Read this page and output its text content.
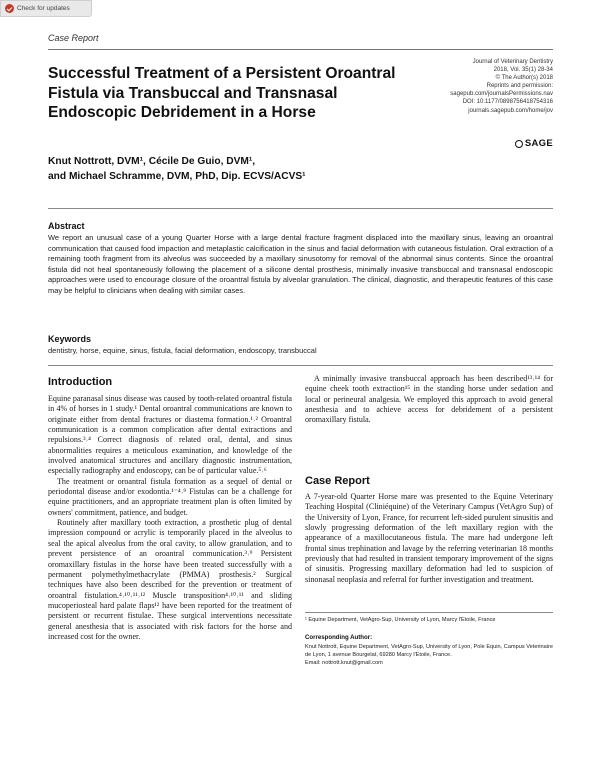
Check for updates
Case Report
Journal of Veterinary Dentistry
2018, Vol. 35(1) 28-34
© The Author(s) 2018
Reprints and permission:
sagepub.com/journalsPermissions.nav
DOI: 10.1177/0898756418754316
journals.sagepub.com/home/jov
SAGE
Successful Treatment of a Persistent Oroantral Fistula via Transbuccal and Transnasal Endoscopic Debridement in a Horse
Knut Nottrott, DVM¹, Cécile De Guio, DVM¹,
and Michael Schramme, DVM, PhD, Dip. ECVS/ACVS¹
Abstract
We report an unusual case of a young Quarter Horse with a large dental fracture fragment displaced into the maxillary sinus, leaving an oroantral communication that caused food impaction and metaplastic calcification in the sinus and facial deformation with cutaneous fistulation. Oral extraction of a remaining tooth fragment from its alveolus was succeeded by a maxillary sinusotomy for removal of the abnormal sinus contents. Since the oroantral fistula did not heal spontaneously following the placement of a silicone dental prosthesis, minimally invasive transbuccal and transnasal endoscopic approaches were used to encourage closure of the oroantral fistula by alveolar granulation. The clinical, diagnostic, and therapeutic features of this case may be helpful to clinicians when dealing with similar cases.
Keywords
dentistry, horse, equine, sinus, fistula, facial deformation, endoscopy, transbuccal
Introduction

Equine paranasal sinus disease was caused by tooth-related oroantral fistula in 4% of horses in 1 study.¹ Dental oroantral communications are known to originate either from dental fractures or diastema formation.¹˒² Oroantral communication is a common complication after dental extractions and repulsions.³˒⁴ Correct diagnosis of related oral, dental, and sinus abnormalities requires a meticulous examination, and knowledge of the involved anatomical structures and ancillary diagnostic instrumentation, especially radiography and endoscopy, can be of particular value.⁵˒⁶

The treatment or oroantral fistula formation as a sequel of dental or periodontal disease and/or exodontia.¹⁻⁴˒⁹ Fistulas can be a challenge for equine practitioners, and an appropriate treatment plan is often limited by owners' commitment, patience, and budget.

Routinely after maxillary tooth extraction, a prosthetic plug of dental impression compound or acrylic is temporarily placed in the alveolus to seal the apical alveolus from the oral cavity, to allow granulation, and to prevent persistence of an oroantral communication.³˒⁹ Persistent oromaxillary fistulas in the horse have been treated successfully with a permanent polymethylmethacrylate (PMMA) prosthesis.² Surgical techniques have also been described for the prevention or treatment of oroantral fistulation.⁴˒¹⁰˒¹¹˒¹² Muscle transposition⁴˒¹⁰˒¹¹ and sliding mucoperiosteal hard palate flaps¹² have been reported for the treatment of persistent or recurrent fistulae. These surgical interventions necessitate general anesthesia that is associated with risk factors for the horse and increased cost for the owner.

A minimally invasive transbuccal approach has been described¹³˒¹⁴ for equine cheek tooth extraction¹⁵ in the standing horse under sedation and local or perineural analgesia. We employed this approach to avoid general anesthesia and to achieve access for debridement of a persistent oromaxillary fistula.

Case Report
A 7-year-old Quarter Horse mare was presented to the Equine Veterinary Teaching Hospital (Cliniéquine) of the Veterinary Campus (VetAgro Sup) of the University of Lyon, France, for recurrent left-sided purulent sinusitis and slowly progressing deformation of the left maxillary region with the appearance of a maxillocutaneous fistula. The mare had undergone left frontal sinus trephination and lavage by the referring veterinarian 18 months previously that had resulted in transient temporary improvement of the signs of sinusitis. Progressing maxillary deformation had led to suspicion of sinonasal neoplasia and referral for further investigation and treatment.
¹ Equine Department, VetAgro-Sup, University of Lyon, Marcy l'Etoile, France
Corresponding Author:
Knut Nottrott, Equine Department, VetAgro-Sup, University of Lyon, Pole Equin, Campus Veterinaire de Lyon, 1 avenue Bourgelat, 69280 Marcy l'Etoile, France.
Email: nottrott.knut@gmail.com
